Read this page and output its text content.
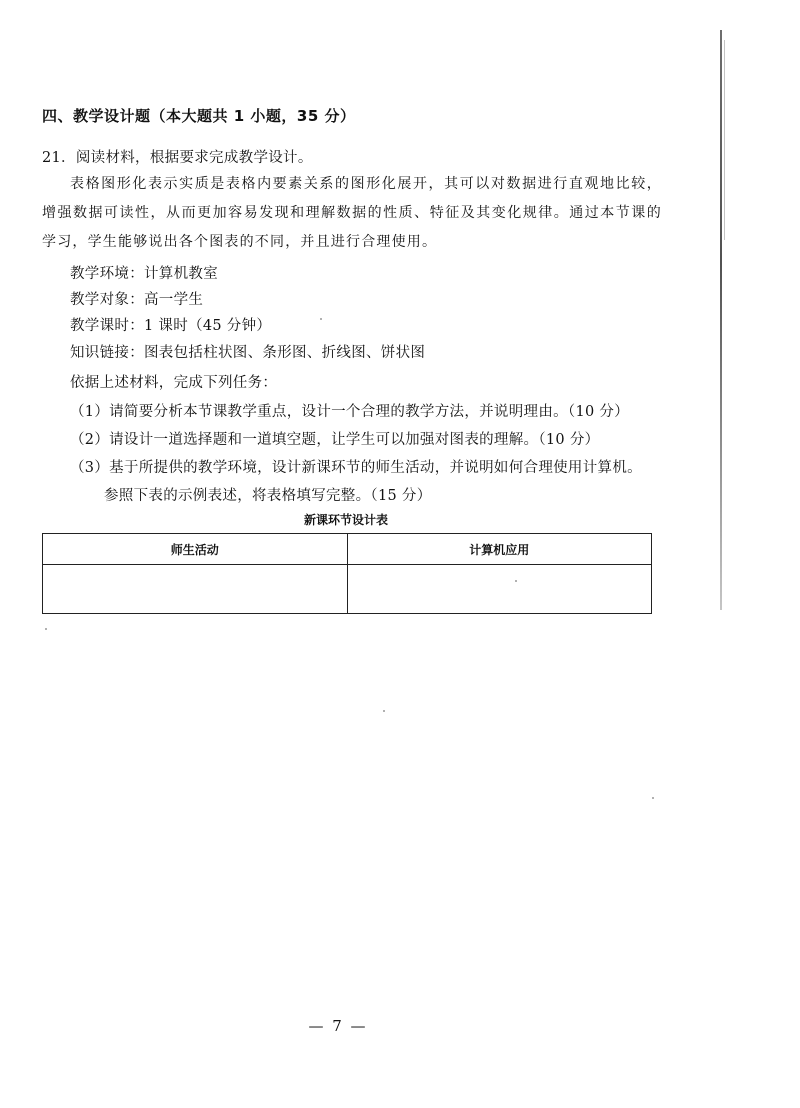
四、教学设计题（本大题共 1 小题，35 分）
21．阅读材料，根据要求完成教学设计。
表格图形化表示实质是表格内要素关系的图形化展开，其可以对数据进行直观地比较，增强数据可读性，从而更加容易发现和理解数据的性质、特征及其变化规律。通过本节课的学习，学生能够说出各个图表的不同，并且进行合理使用。
教学环境：计算机教室
教学对象：高一学生
教学课时：1 课时（45 分钟）
知识链接：图表包括柱状图、条形图、折线图、饼状图
依据上述材料，完成下列任务：
（1）请简要分析本节课教学重点，设计一个合理的教学方法，并说明理由。（10 分）
（2）请设计一道选择题和一道填空题，让学生可以加强对图表的理解。（10 分）
（3）基于所提供的教学环境，设计新课环节的师生活动，并说明如何合理使用计算机。
参照下表的示例表述，将表格填写完整。（15 分）
新课环节设计表
师生活动	计算机应用

— 7 —
